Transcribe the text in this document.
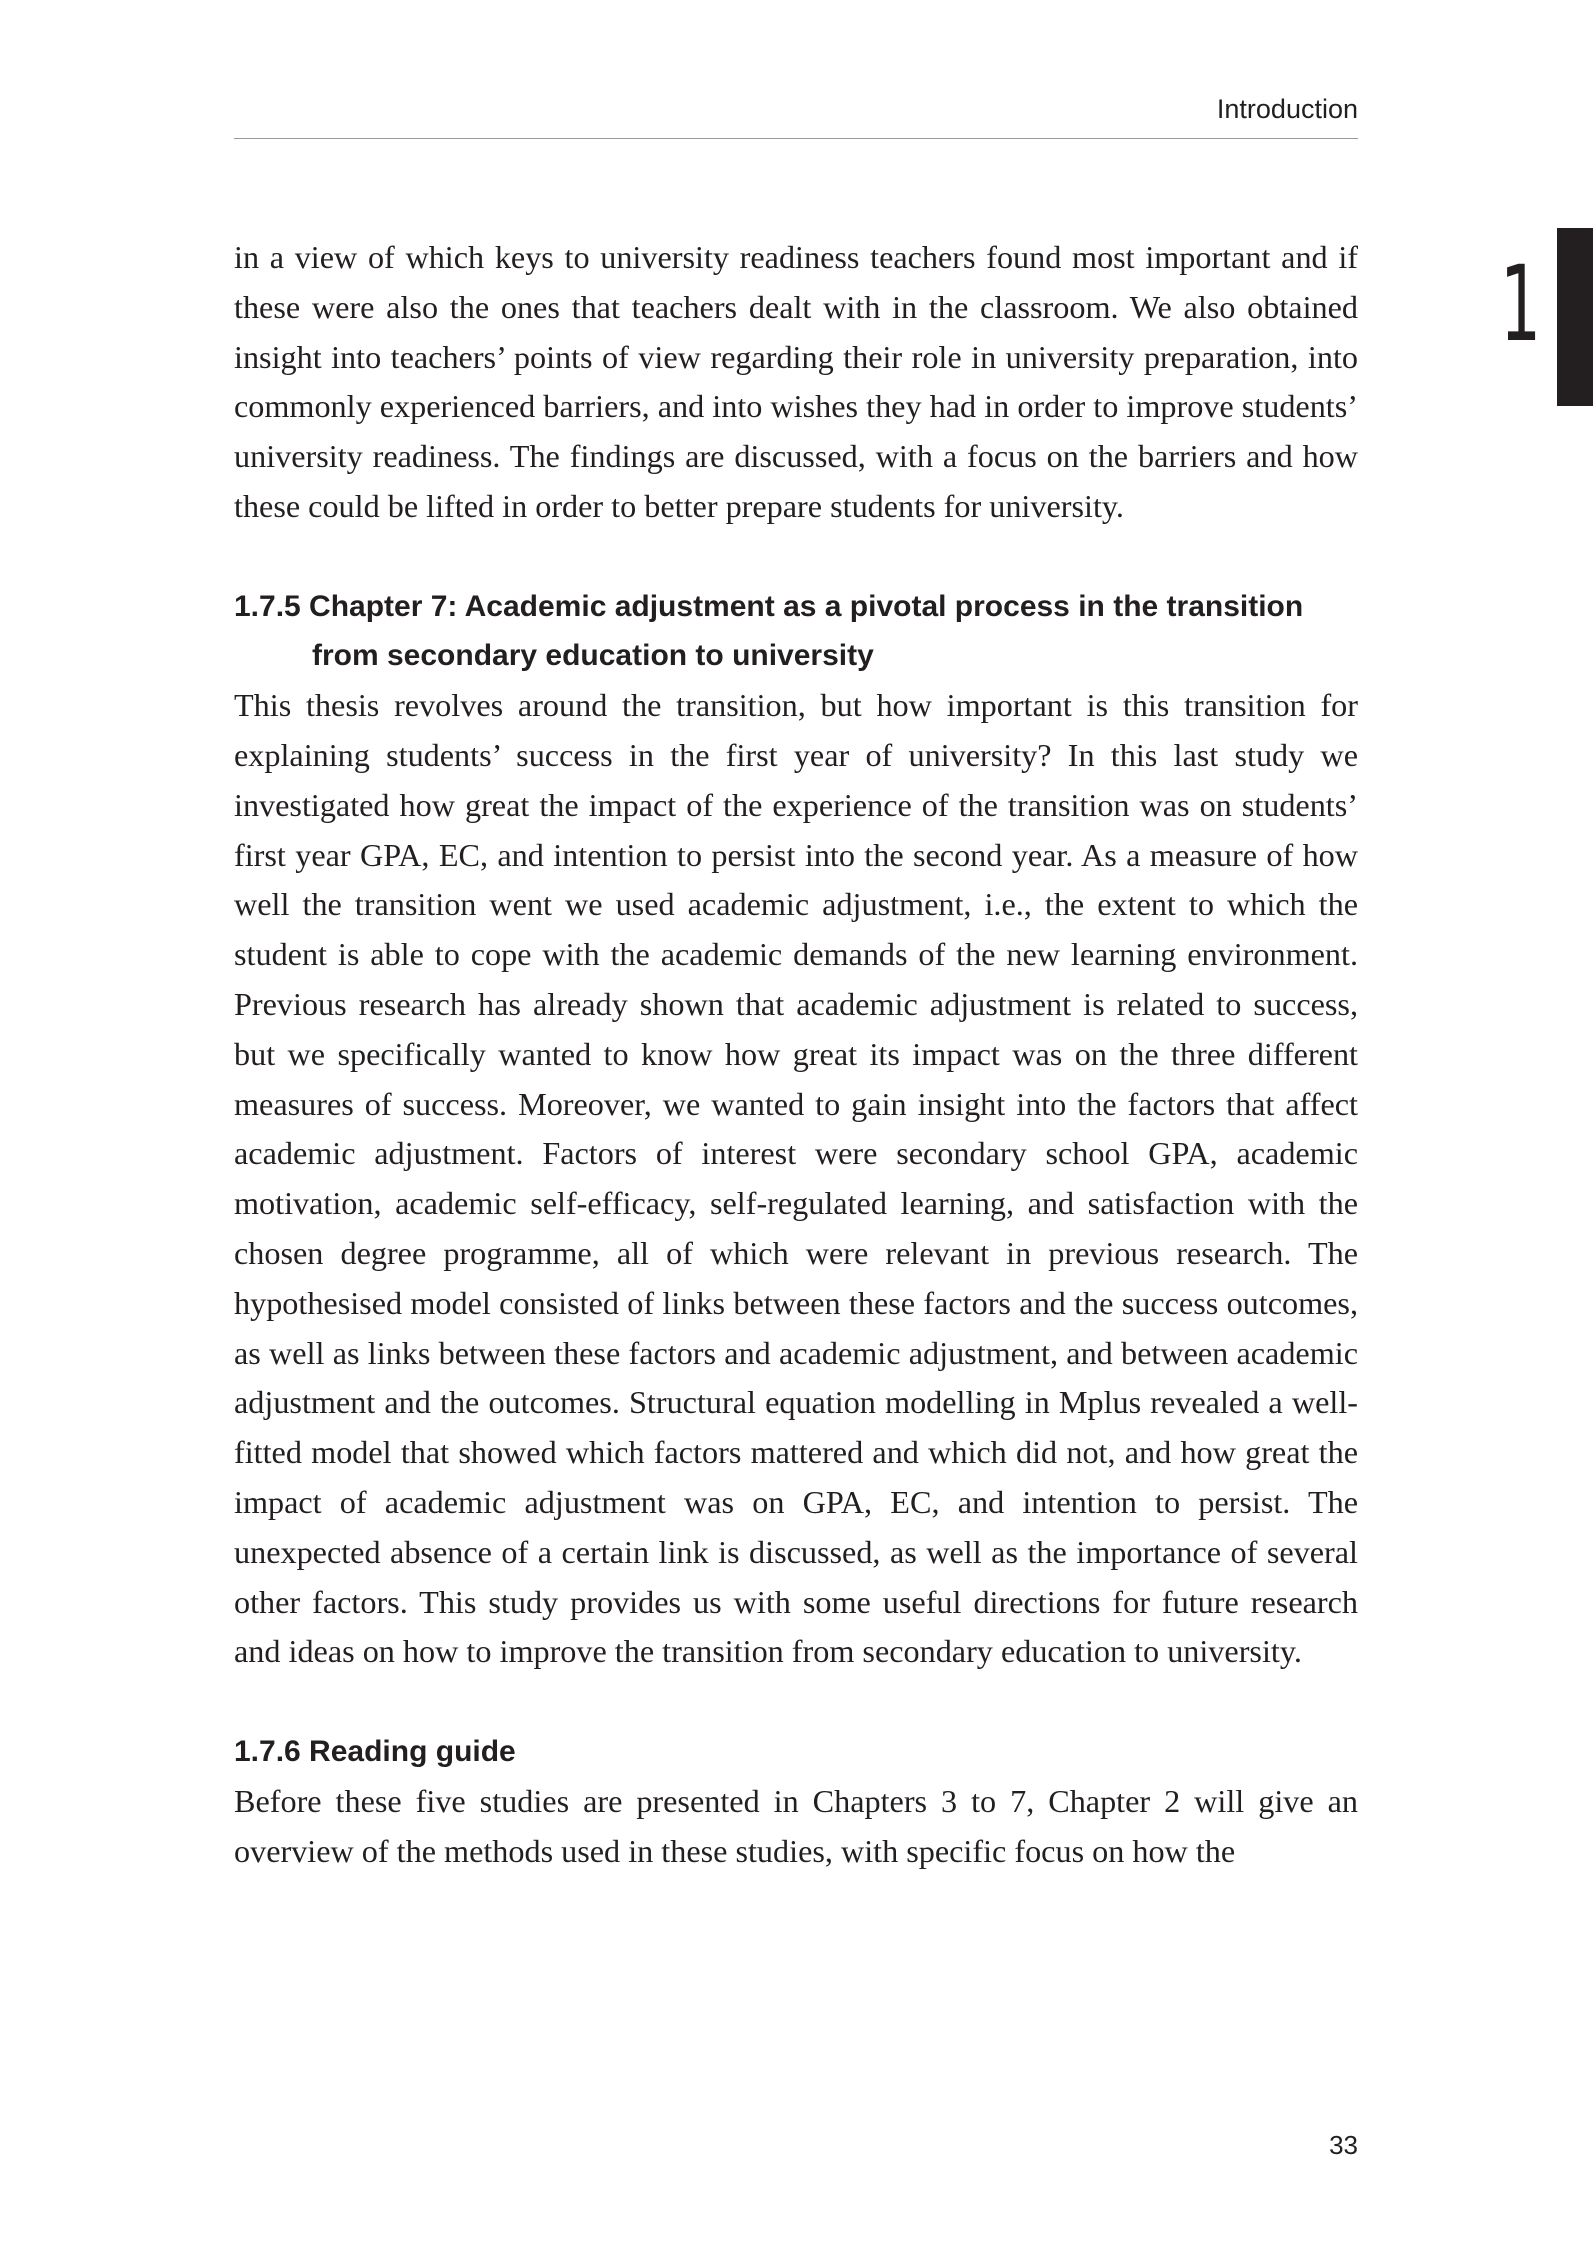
Introduction
1

in a view of which keys to university readiness teachers found most important and if these were also the ones that teachers dealt with in the classroom. We also obtained insight into teachers’ points of view regarding their role in university preparation, into commonly experienced barriers, and into wishes they had in order to improve students’ university readiness. The findings are discussed, with a focus on the barriers and how these could be lifted in order to better prepare students for university.

1.7.5 Chapter 7: Academic adjustment as a pivotal process in the transition
from secondary education to university

This thesis revolves around the transition, but how important is this transition for explaining students’ success in the first year of university? In this last study we investigated how great the impact of the experience of the transition was on students’ first year GPA, EC, and intention to persist into the second year. As a measure of how well the transition went we used academic adjustment, i.e., the extent to which the student is able to cope with the academic demands of the new learning environment. Previous research has already shown that academic adjustment is related to success, but we specifically wanted to know how great its impact was on the three different measures of success. Moreover, we wanted to gain insight into the factors that affect academic adjustment. Factors of interest were secondary school GPA, academic motivation, academic self-efficacy, self-regulated learning, and satisfaction with the chosen degree programme, all of which were relevant in previous research. The hypothesised model consisted of links between these factors and the success outcomes, as well as links between these factors and academic adjustment, and between academic adjustment and the outcomes. Structural equation modelling in Mplus revealed a well-fitted model that showed which factors mattered and which did not, and how great the impact of academic adjustment was on GPA, EC, and intention to persist. The unexpected absence of a certain link is discussed, as well as the importance of several other factors. This study provides us with some useful directions for future research and ideas on how to improve the transition from secondary education to university.

1.7.6 Reading guide

Before these five studies are presented in Chapters 3 to 7, Chapter 2 will give an overview of the methods used in these studies, with specific focus on how the

33
